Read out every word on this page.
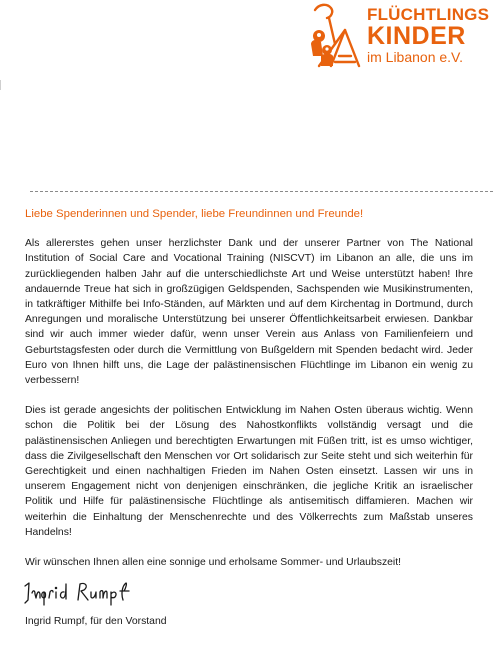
FLÜCHTLINGS
KINDER
im Libanon e.V.

Liebe Spenderinnen und Spender, liebe Freundinnen und Freunde!

Als allererstes gehen unser herzlichster Dank und der unserer Partner von The National Institution of Social Care and Vocational Training (NISCVT) im Libanon an alle, die uns im zurückliegenden halben Jahr auf die unterschiedlichste Art und Weise unterstützt haben! Ihre andauernde Treue hat sich in großzügigen Geldspenden, Sachspenden wie Musikinstrumenten, in tatkräftiger Mithilfe bei Info-Ständen, auf Märkten und auf dem Kirchentag in Dortmund, durch Anregungen und moralische Unterstützung bei unserer Öffentlichkeitsarbeit erwiesen. Dankbar sind wir auch immer wieder dafür, wenn unser Verein aus Anlass von Familienfeiern und Geburtstagsfesten oder durch die Vermittlung von Bußgeldern mit Spenden bedacht wird. Jeder Euro von Ihnen hilft uns, die Lage der palästinensischen Flüchtlinge im Libanon ein wenig zu verbessern!

Dies ist gerade angesichts der politischen Entwicklung im Nahen Osten überaus wichtig. Wenn schon die Politik bei der Lösung des Nahostkonflikts vollständig versagt und die palästinensischen Anliegen und berechtigten Erwartungen mit Füßen tritt, ist es umso wichtiger, dass die Zivilgesellschaft den Menschen vor Ort solidarisch zur Seite steht und sich weiterhin für Gerechtigkeit und einen nachhaltigen Frieden im Nahen Osten einsetzt. Lassen wir uns in unserem Engagement nicht von denjenigen einschränken, die jegliche Kritik an israelischer Politik und Hilfe für palästinensische Flüchtlinge als antisemitisch diffamieren. Machen wir weiterhin die Einhaltung der Menschenrechte und des Völkerrechts zum Maßstab unseres Handelns!

Wir wünschen Ihnen allen eine sonnige und erholsame Sommer- und Urlaubszeit!

Ingrid Rumpf, für den Vorstand
